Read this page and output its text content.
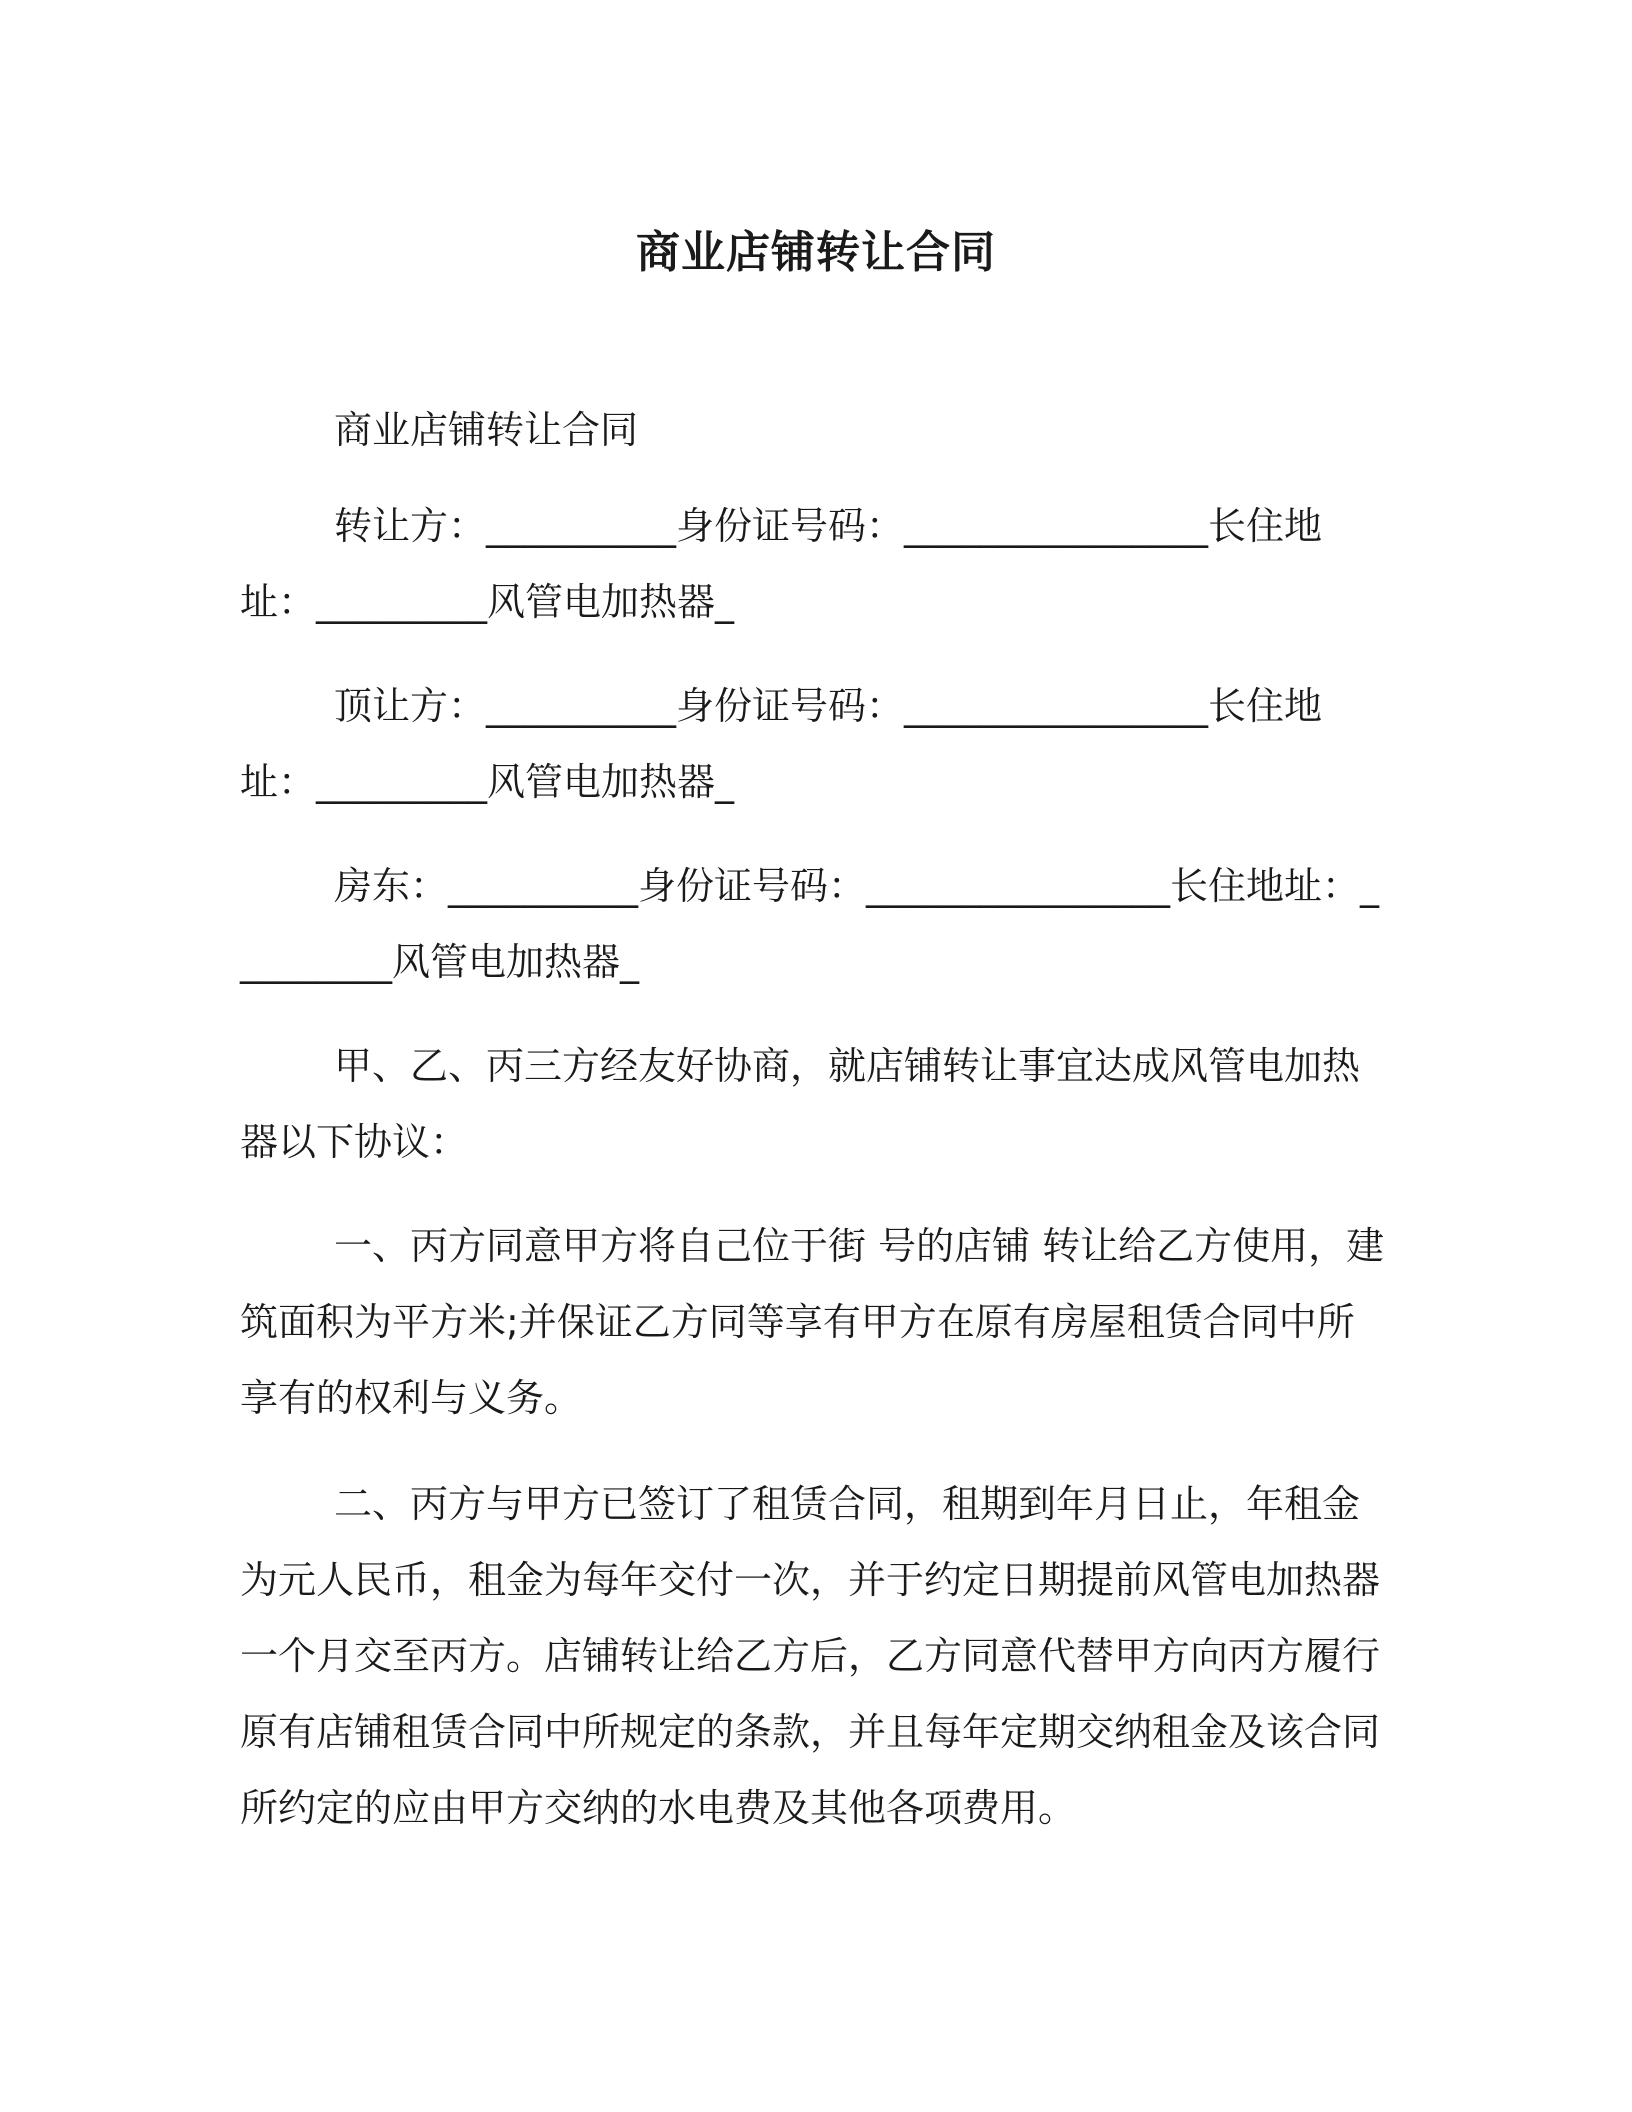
商业店铺转让合同

商业店铺转让合同

转让方：__________身份证号码：________________长住地址：_________风管电加热器_

顶让方：__________身份证号码：________________长住地址：_________风管电加热器_

房东：__________身份证号码：________________长住地址：_________风管电加热器_

甲、乙、丙三方经友好协商，就店铺转让事宜达成风管电加热器以下协议：

一、丙方同意甲方将自己位于街 号的店铺 转让给乙方使用，建筑面积为平方米;并保证乙方同等享有甲方在原有房屋租赁合同中所享有的权利与义务。

二、丙方与甲方已签订了租赁合同，租期到年月日止，年租金为元人民币，租金为每年交付一次，并于约定日期提前风管电加热器一个月交至丙方。店铺转让给乙方后，乙方同意代替甲方向丙方履行原有店铺租赁合同中所规定的条款，并且每年定期交纳租金及该合同所约定的应由甲方交纳的水电费及其他各项费用。
